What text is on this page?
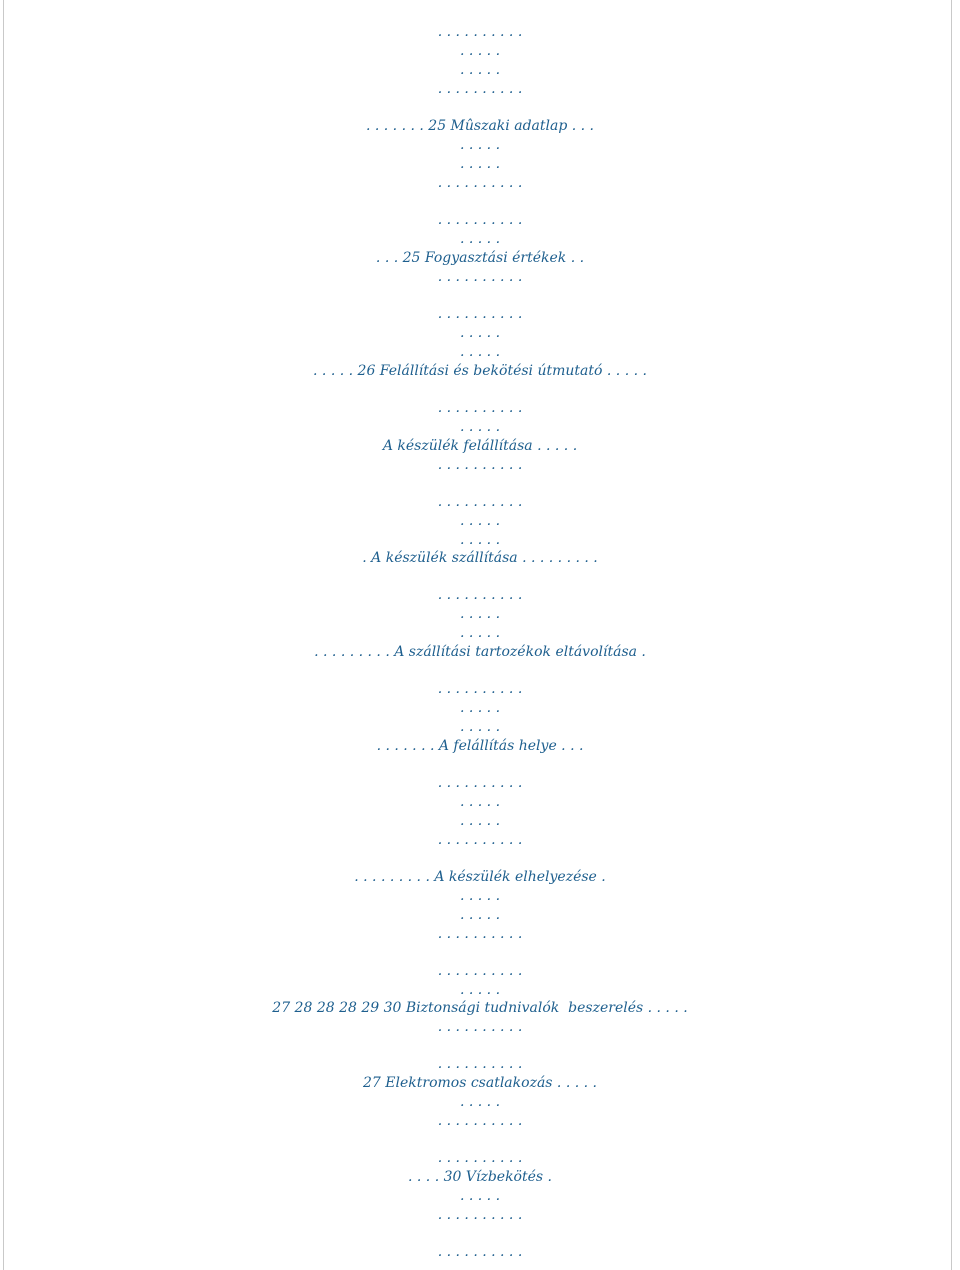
. . . . . . . . . .
. . . . .
. . . . .
. . . . . . . . . .
. . . . . . . 25 Mûszaki adatlap . . .
. . . . .
. . . . .
. . . . . . . . . .
. . . . . . . . . .
. . . . .
. . . 25 Fogyasztási értékek . .
. . . . . . . . . .
. . . . . . . . . .
. . . . .
. . . . .
. . . . . 26 Felállítási és bekötési útmutató . . . . .
. . . . . . . . . .
. . . . .
A készülék felállítása . . . . .
. . . . . . . . . .
. . . . . . . . . .
. . . . .
. . . . .
. A készülék szállítása . . . . . . . . .
. . . . . . . . . .
. . . . .
. . . . .
. . . . . . . . . A szállítási tartozékok eltávolítása .
. . . . . . . . . .
. . . . .
. . . . .
. . . . . . . A felállítás helye . . .
. . . . . . . . . .
. . . . .
. . . . .
. . . . . . . . . .
. . . . . . . . . A készülék elhelyezése .
. . . . .
. . . . .
. . . . . . . . . .
. . . . . . . . . .
. . . . .
27 28 28 28 29 30 Biztonsági tudnivalók  beszerelés . . . . .
. . . . . . . . . .
. . . . . . . . . .
27 Elektromos csatlakozás . . . . .
. . . . .
. . . . . . . . . .
. . . . . . . . . .
. . . . 30 Vízbekötés .
. . . . .
. . . . . . . . . .
. . . . . . . . . .
